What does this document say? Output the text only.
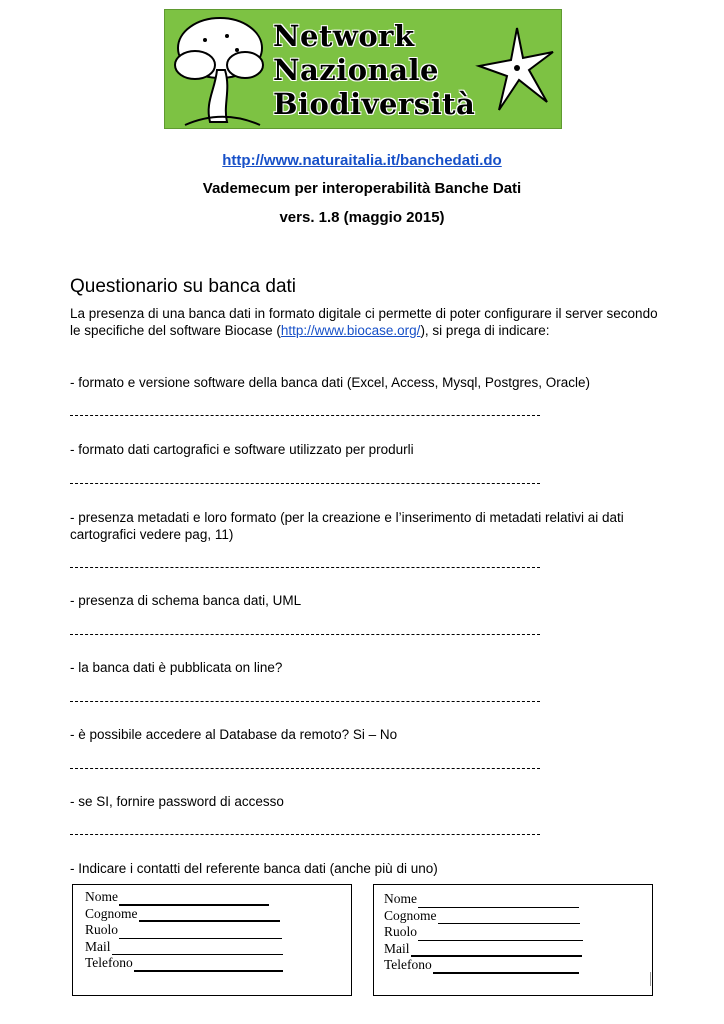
Network
Nazionale
Biodiversità
http://www.naturaitalia.it/banchedati.do
Vademecum per interoperabilità Banche Dati
vers. 1.8 (maggio 2015)
Questionario su banca dati

La presenza di una banca dati in formato digitale ci permette di poter configurare il server secondo le specifiche del software Biocase (http://www.biocase.org/), si prega di indicare:

- formato e versione software della banca dati (Excel, Access, Mysql, Postgres, Oracle)

- formato dati cartografici e software utilizzato per produrli

- presenza metadati e loro formato (per la creazione e l’inserimento di metadati relativi ai dati cartografici vedere pag, 11)

- presenza di schema banca dati, UML

- la banca dati è pubblicata on line?

- è possibile accedere al Database da remoto? Si – No

- se SI, fornire password di accesso

- Indicare i contatti del referente banca dati (anche più di uno)

Nome
Cognome
Ruolo
Mail
Telefono
Nome
Cognome
Ruolo
Mail
Telefono
